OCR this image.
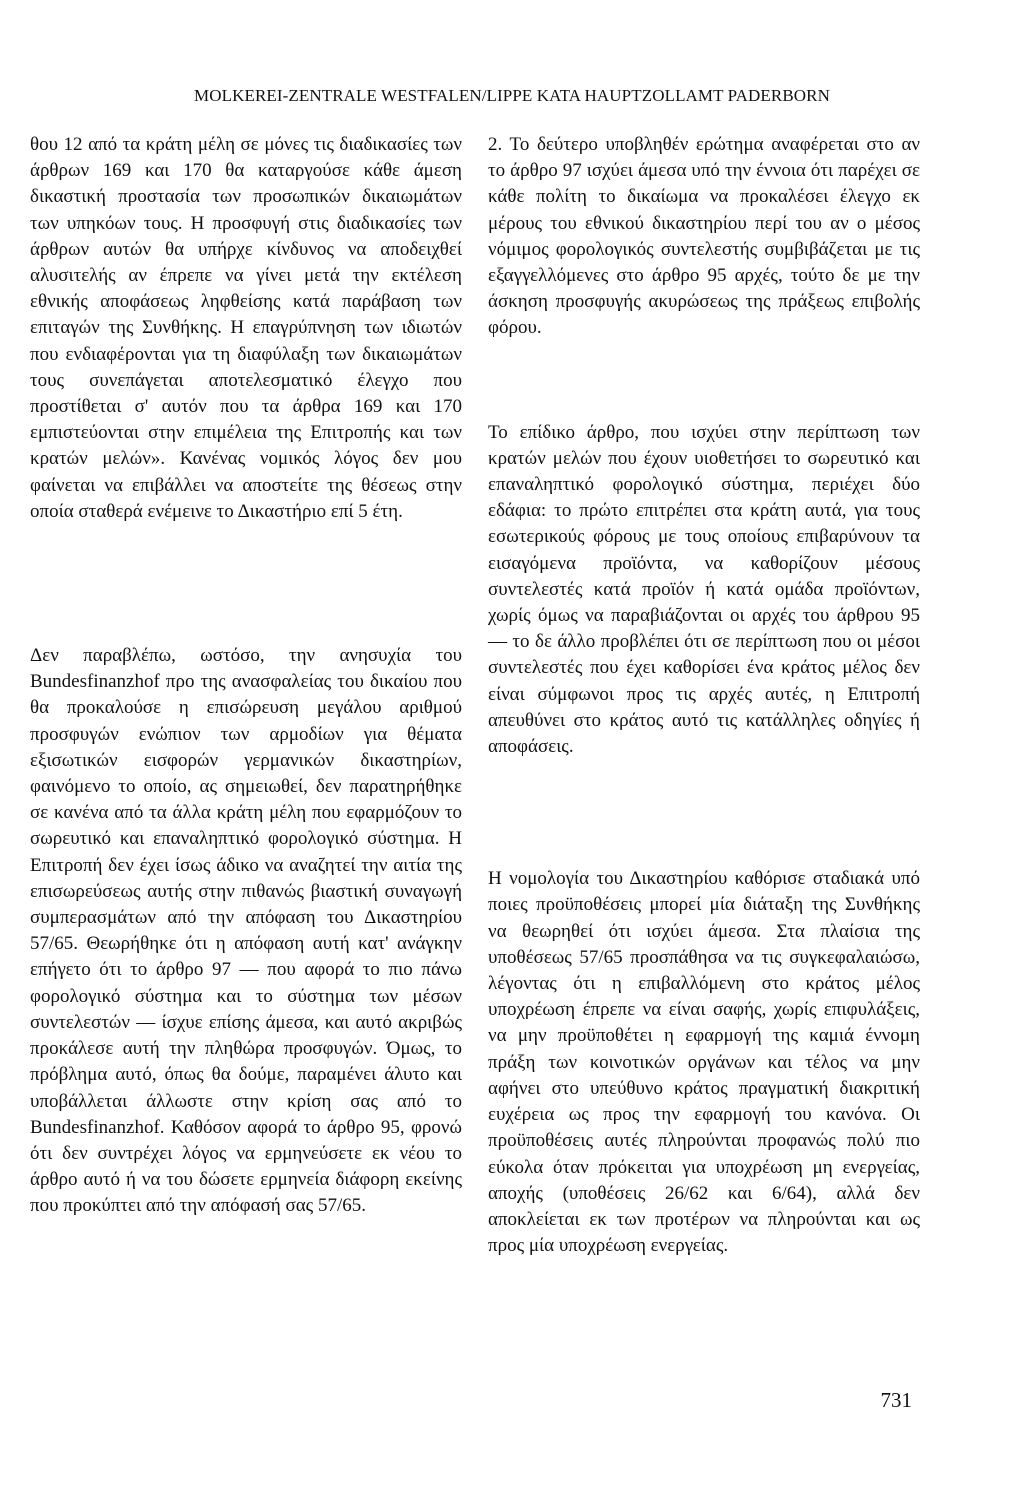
MOLKEREI-ZENTRALE WESTFALEN/LIPPE ΚΑΤΑ HAUPTZOLLAMT PADERBORN

θου 12 από τα κράτη μέλη σε μόνες τις διαδικασίες των άρθρων 169 και 170 θα καταργούσε κάθε άμεση δικαστική προστασία των προσωπικών δικαιωμάτων των υπηκόων τους. Η προσφυγή στις διαδικασίες των άρθρων αυτών θα υπήρχε κίνδυνος να αποδειχθεί αλυσιτελής αν έπρεπε να γίνει μετά την εκτέλεση εθνικής αποφάσεως ληφθείσης κατά παράβαση των επιταγών της Συνθήκης. Η επαγρύπνηση των ιδιωτών που ενδιαφέρονται για τη διαφύλαξη των δικαιωμάτων τους συνεπάγεται αποτελεσματικό έλεγχο που προστίθεται σ' αυτόν που τα άρθρα 169 και 170 εμπιστεύονται στην επιμέλεια της Επιτροπής και των κρατών μελών». Κανένας νομικός λόγος δεν μου φαίνεται να επιβάλλει να αποστείτε της θέσεως στην οποία σταθερά ενέμεινε το Δικαστήριο επί 5 έτη.

Δεν παραβλέπω, ωστόσο, την ανησυχία του Bundesfinanzhof προ της ανασφαλείας του δικαίου που θα προκαλούσε η επισώρευση μεγάλου αριθμού προσφυγών ενώπιον των αρμοδίων για θέματα εξισωτικών εισφορών γερμανικών δικαστηρίων, φαινόμενο το οποίο, ας σημειωθεί, δεν παρατηρήθηκε σε κανένα από τα άλλα κράτη μέλη που εφαρμόζουν το σωρευτικό και επαναληπτικό φορολογικό σύστημα. Η Επιτροπή δεν έχει ίσως άδικο να αναζητεί την αιτία της επισωρεύσεως αυτής στην πιθανώς βιαστική συναγωγή συμπερασμάτων από την απόφαση του Δικαστηρίου 57/65. Θεωρήθηκε ότι η απόφαση αυτή κατ' ανάγκην επήγετο ότι το άρθρο 97 — που αφορά το πιο πάνω φορολογικό σύστημα και το σύστημα των μέσων συντελεστών — ίσχυε επίσης άμεσα, και αυτό ακριβώς προκάλεσε αυτή την πληθώρα προσφυγών. Όμως, το πρόβλημα αυτό, όπως θα δούμε, παραμένει άλυτο και υποβάλλεται άλλωστε στην κρίση σας από το Bundesfinanzhof. Καθόσον αφορά το άρθρο 95, φρονώ ότι δεν συντρέχει λόγος να ερμηνεύσετε εκ νέου το άρθρο αυτό ή να του δώσετε ερμηνεία διάφορη εκείνης που προκύπτει από την απόφασή σας 57/65.

2. Το δεύτερο υποβληθέν ερώτημα αναφέρεται στο αν το άρθρο 97 ισχύει άμεσα υπό την έννοια ότι παρέχει σε κάθε πολίτη το δικαίωμα να προκαλέσει έλεγχο εκ μέρους του εθνικού δικαστηρίου περί του αν ο μέσος νόμιμος φορολογικός συντελεστής συμβιβάζεται με τις εξαγγελλόμενες στο άρθρο 95 αρχές, τούτο δε με την άσκηση προσφυγής ακυρώσεως της πράξεως επιβολής φόρου.

Το επίδικο άρθρο, που ισχύει στην περίπτωση των κρατών μελών που έχουν υιοθετήσει το σωρευτικό και επαναληπτικό φορολογικό σύστημα, περιέχει δύο εδάφια: το πρώτο επιτρέπει στα κράτη αυτά, για τους εσωτερικούς φόρους με τους οποίους επιβαρύνουν τα εισαγόμενα προϊόντα, να καθορίζουν μέσους συντελεστές κατά προϊόν ή κατά ομάδα προϊόντων, χωρίς όμως να παραβιάζονται οι αρχές του άρθρου 95 — το δε άλλο προβλέπει ότι σε περίπτωση που οι μέσοι συντελεστές που έχει καθορίσει ένα κράτος μέλος δεν είναι σύμφωνοι προς τις αρχές αυτές, η Επιτροπή απευθύνει στο κράτος αυτό τις κατάλληλες οδηγίες ή αποφάσεις.

Η νομολογία του Δικαστηρίου καθόρισε σταδιακά υπό ποιες προϋποθέσεις μπορεί μία διάταξη της Συνθήκης να θεωρηθεί ότι ισχύει άμεσα. Στα πλαίσια της υποθέσεως 57/65 προσπάθησα να τις συγκεφαλαιώσω, λέγοντας ότι η επιβαλλόμενη στο κράτος μέλος υποχρέωση έπρεπε να είναι σαφής, χωρίς επιφυλάξεις, να μην προϋποθέτει η εφαρμογή της καμιά έννομη πράξη των κοινοτικών οργάνων και τέλος να μην αφήνει στο υπεύθυνο κράτος πραγματική διακριτική ευχέρεια ως προς την εφαρμογή του κανόνα. Οι προϋποθέσεις αυτές πληρούνται προφανώς πολύ πιο εύκολα όταν πρόκειται για υποχρέωση μη ενεργείας, αποχής (υποθέσεις 26/62 και 6/64), αλλά δεν αποκλείεται εκ των προτέρων να πληρούνται και ως προς μία υποχρέωση ενεργείας.

731
